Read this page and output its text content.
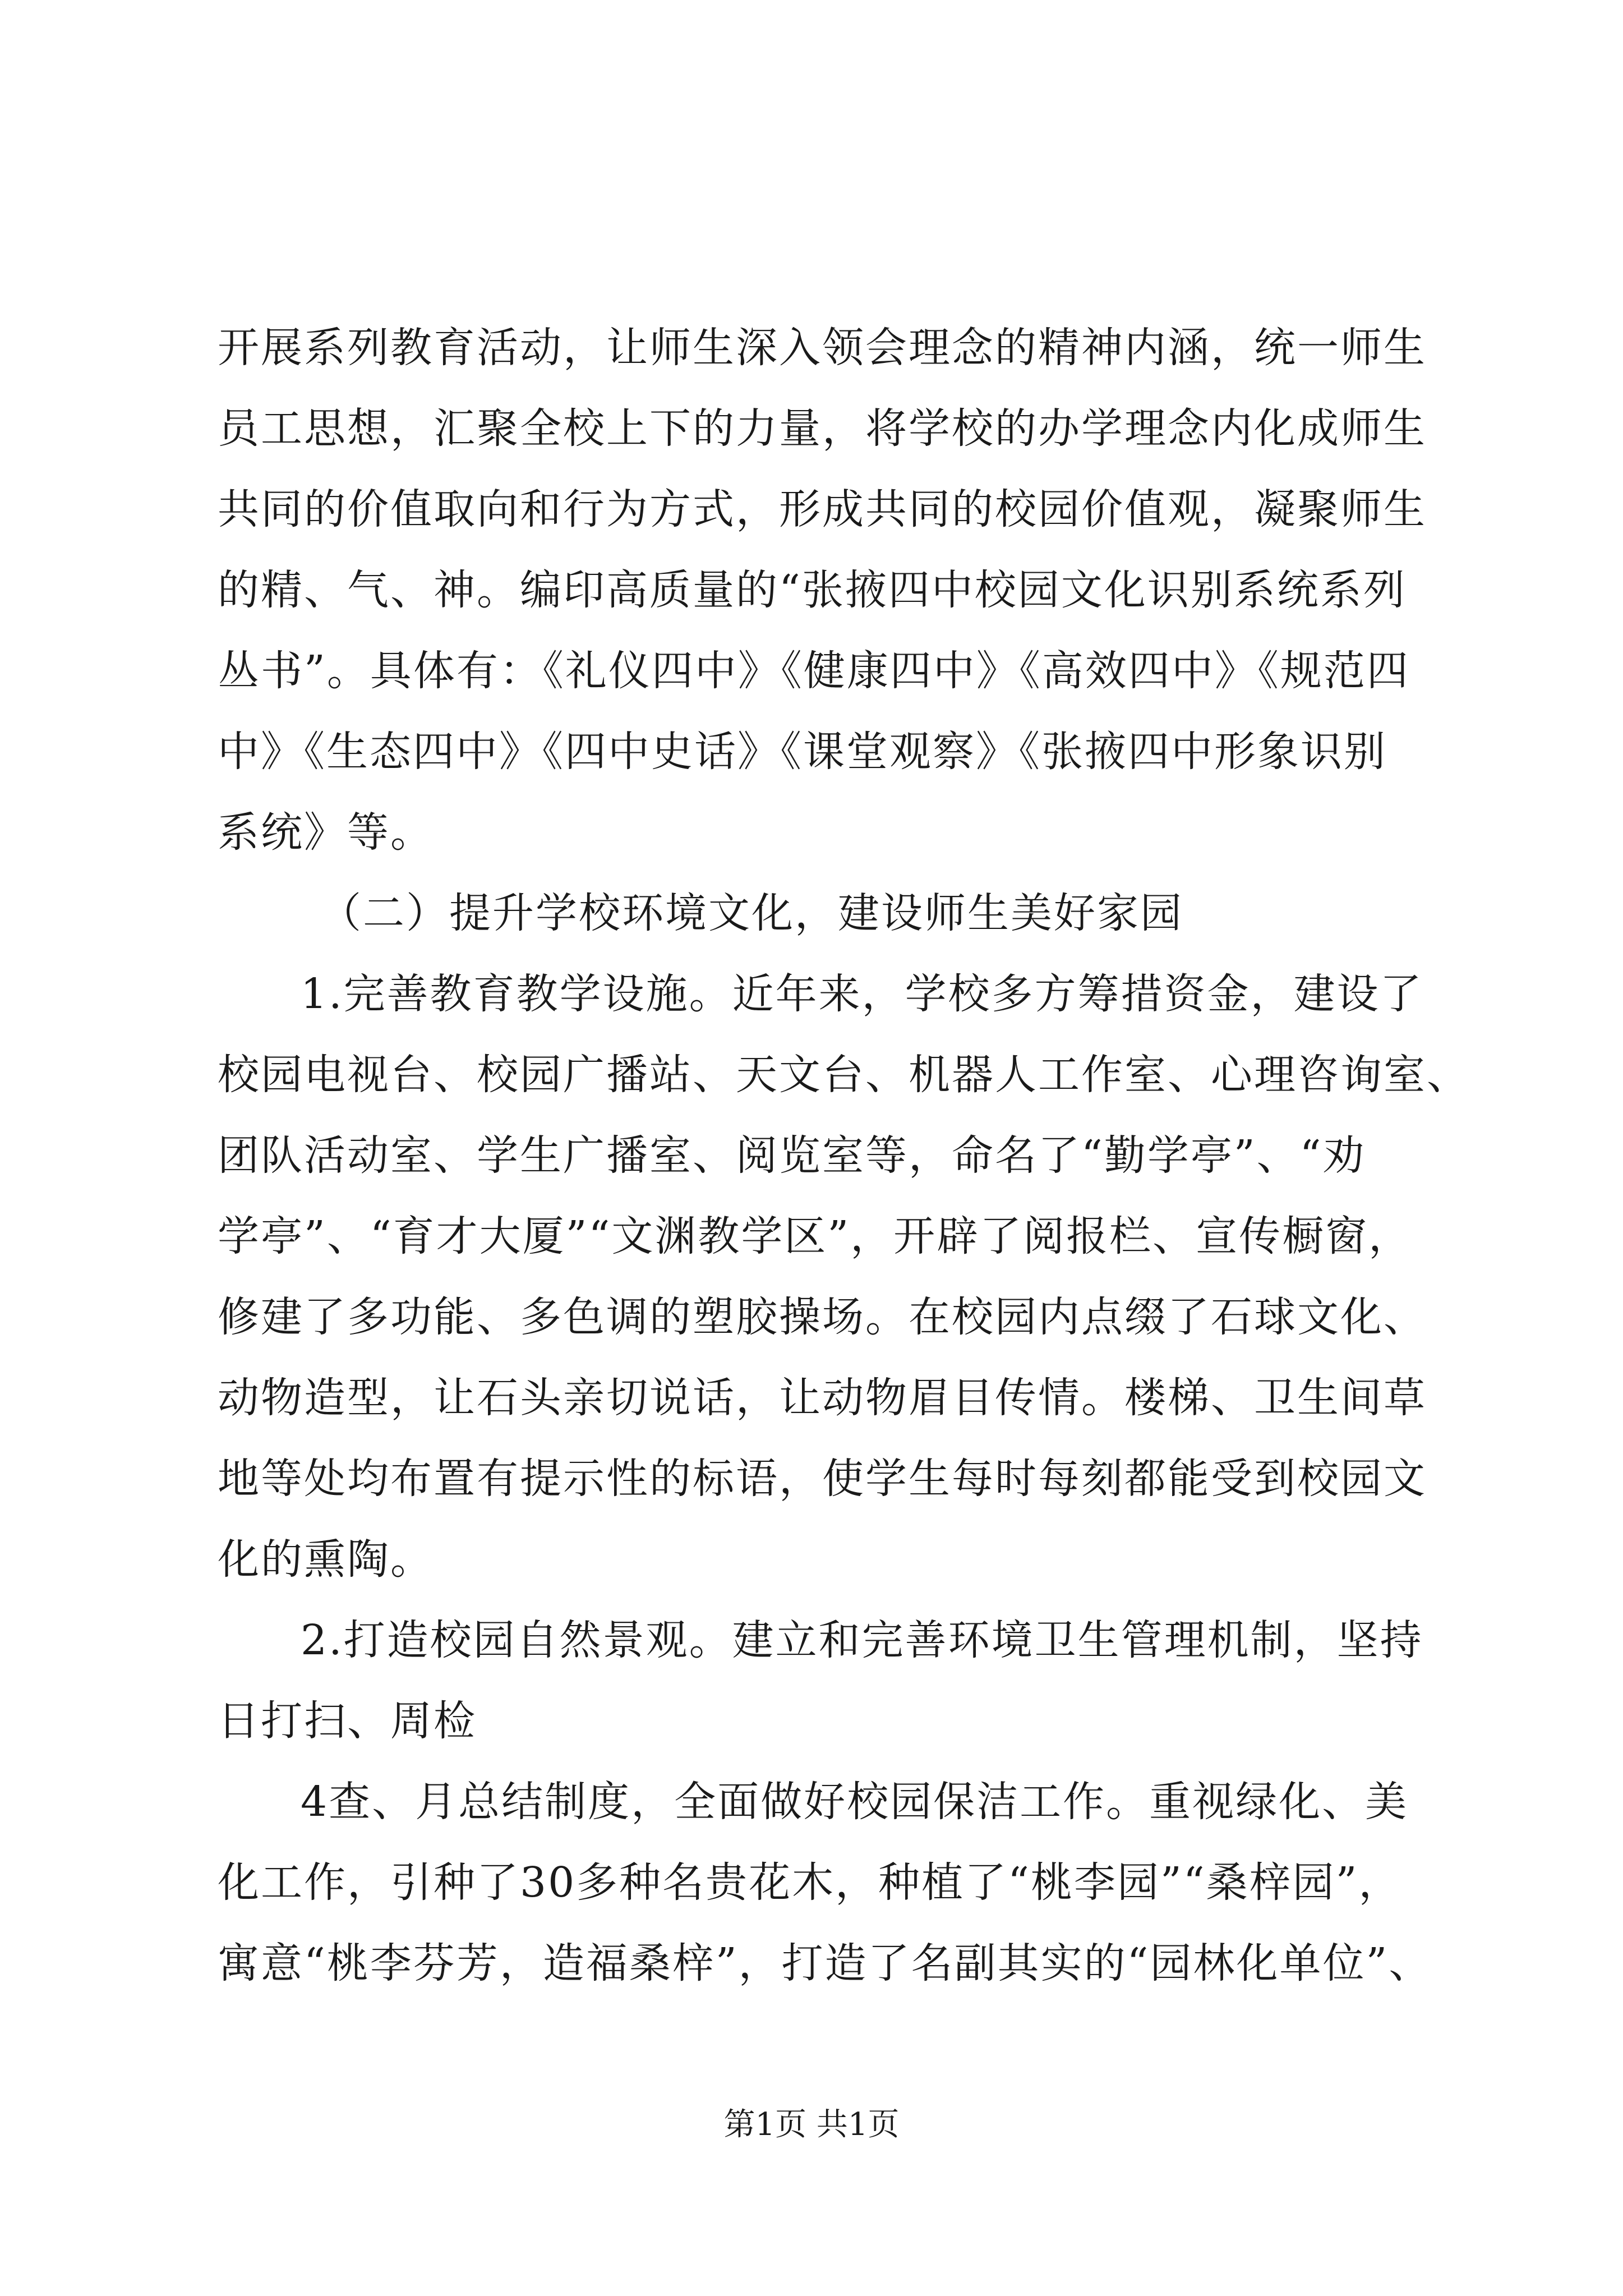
开展系列教育活动，让师生深入领会理念的精神内涵，统一师生
员工思想，汇聚全校上下的力量，将学校的办学理念内化成师生
共同的价值取向和行为方式，形成共同的校园价值观，凝聚师生
的精、气、神。编印高质量的“张掖四中校园文化识别系统系列
丛书”。具体有：《礼仪四中》《健康四中》《高效四中》《规范四
中》《生态四中》《四中史话》《课堂观察》《张掖四中形象识别
系统》等。
（二）提升学校环境文化，建设师生美好家园
1.完善教育教学设施。近年来，学校多方筹措资金，建设了
校园电视台、校园广播站、天文台、机器人工作室、心理咨询室、
团队活动室、学生广播室、阅览室等，命名了“勤学亭”、“劝
学亭”、“育才大厦”“文渊教学区”，开辟了阅报栏、宣传橱窗，
修建了多功能、多色调的塑胶操场。在校园内点缀了石球文化、
动物造型，让石头亲切说话，让动物眉目传情。楼梯、卫生间草
地等处均布置有提示性的标语，使学生每时每刻都能受到校园文
化的熏陶。
2.打造校园自然景观。建立和完善环境卫生管理机制，坚持
日打扫、周检
4查、月总结制度，全面做好校园保洁工作。重视绿化、美
化工作，引种了30多种名贵花木，种植了“桃李园”“桑梓园”，
寓意“桃李芬芳，造福桑梓”，打造了名副其实的“园林化单位”、
第1页 共1页
